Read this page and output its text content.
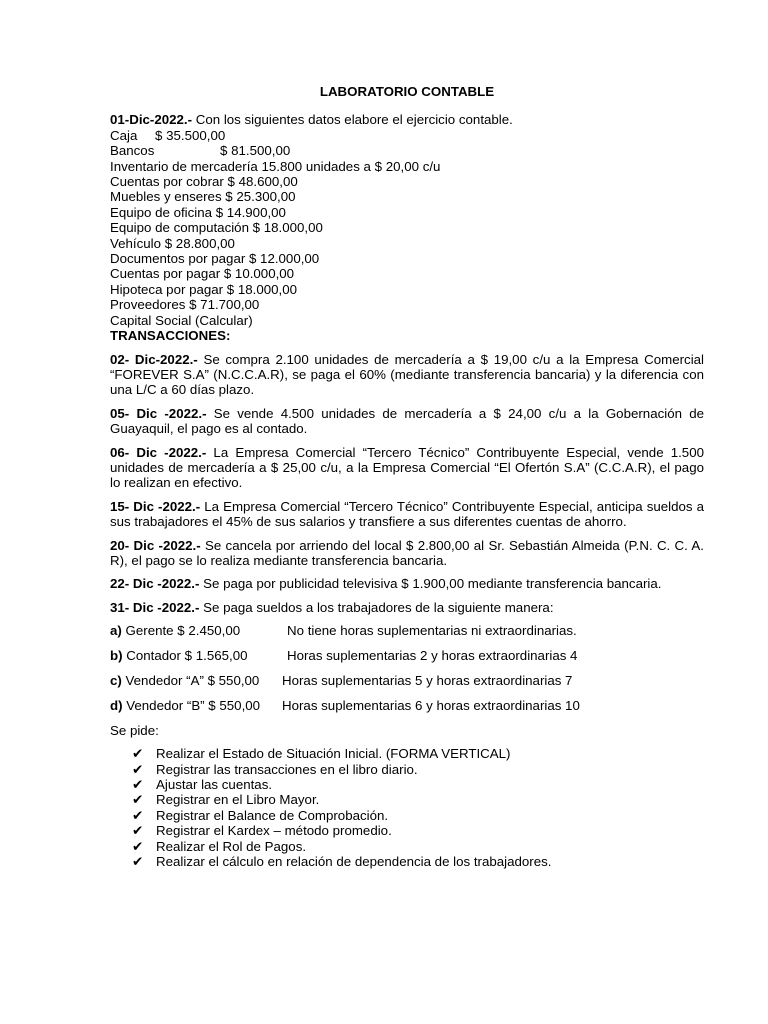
LABORATORIO CONTABLE

01-Dic-2022.- Con los siguientes datos elabore el ejercicio contable.

Caja $ 35.500,00

Bancos	$ 81.500,00

Inventario de mercadería 15.800 unidades a $ 20,00 c/u

Cuentas por cobrar $ 48.600,00

Muebles y enseres $ 25.300,00

Equipo de oficina $ 14.900,00

Equipo de computación $ 18.000,00

Vehículo $ 28.800,00

Documentos por pagar $ 12.000,00

Cuentas por pagar $ 10.000,00

Hipoteca por pagar $ 18.000,00

Proveedores $ 71.700,00

Capital Social (Calcular)

TRANSACCIONES:

02- Dic-2022.- Se compra 2.100 unidades de mercadería a $ 19,00 c/u a la Empresa Comercial “FOREVER S.A” (N.C.C.A.R), se paga el 60% (mediante transferencia bancaria) y la diferencia con una L/C a 60 días plazo.

05- Dic -2022.- Se vende 4.500 unidades de mercadería a $ 24,00 c/u a la Gobernación de Guayaquil, el pago es al contado.

06- Dic -2022.- La Empresa Comercial “Tercero Técnico” Contribuyente Especial, vende 1.500 unidades de mercadería a $ 25,00 c/u, a la Empresa Comercial “El Ofertón S.A” (C.C.A.R), el pago lo realizan en efectivo.

15- Dic -2022.- La Empresa Comercial “Tercero Técnico” Contribuyente Especial, anticipa sueldos a sus trabajadores el 45% de sus salarios y transfiere a sus diferentes cuentas de ahorro.

20- Dic -2022.- Se cancela por arriendo del local $ 2.800,00 al Sr. Sebastián Almeida (P.N. C. C. A. R), el pago se lo realiza mediante transferencia bancaria.

22- Dic -2022.- Se paga por publicidad televisiva $ 1.900,00 mediante transferencia bancaria.

31- Dic -2022.- Se paga sueldos a los trabajadores de la siguiente manera:

a) Gerente $ 2.450,00	No tiene horas suplementarias ni extraordinarias.

b) Contador $ 1.565,00	Horas suplementarias 2 y horas extraordinarias 4

c) Vendedor “A” $ 550,00 Horas suplementarias 5 y horas extraordinarias 7

d) Vendedor “B” $ 550,00 Horas suplementarias 6 y horas extraordinarias 10

Se pide:

✔ Realizar el Estado de Situación Inicial. (FORMA VERTICAL)
✔ Registrar las transacciones en el libro diario.
✔ Ajustar las cuentas.
✔ Registrar en el Libro Mayor.
✔ Registrar el Balance de Comprobación.
✔ Registrar el Kardex – método promedio.
✔ Realizar el Rol de Pagos.
✔ Realizar el cálculo en relación de dependencia de los trabajadores.
